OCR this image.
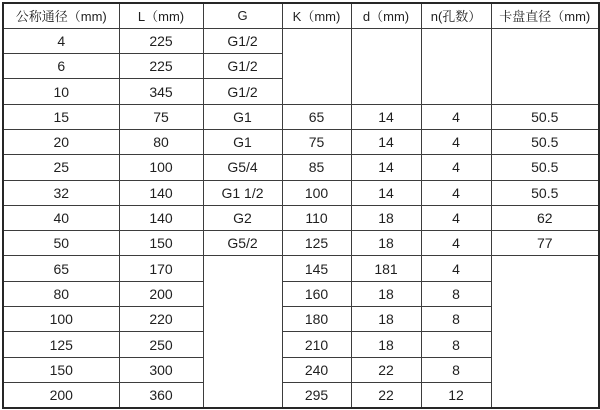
公称通径（mm)	L（mm)	G	K（mm)	d（mm)	n(孔数）	卡盘直径（mm)
4	225	G1/2				
6	225	G1/2				
10	345	G1/2				
15	75	G1	65	14	4	50.5
20	80	G1	75	14	4	50.5
25	100	G5/4	85	14	4	50.5
32	140	G1 1/2	100	14	4	50.5
40	140	G2	110	18	4	62
50	150	G5/2	125	18	4	77
65	170		145	181	4	
80	200		160	18	8	
100	220		180	18	8	
125	250		210	18	8	
150	300		240	22	8	
200	360		295	22	12	
